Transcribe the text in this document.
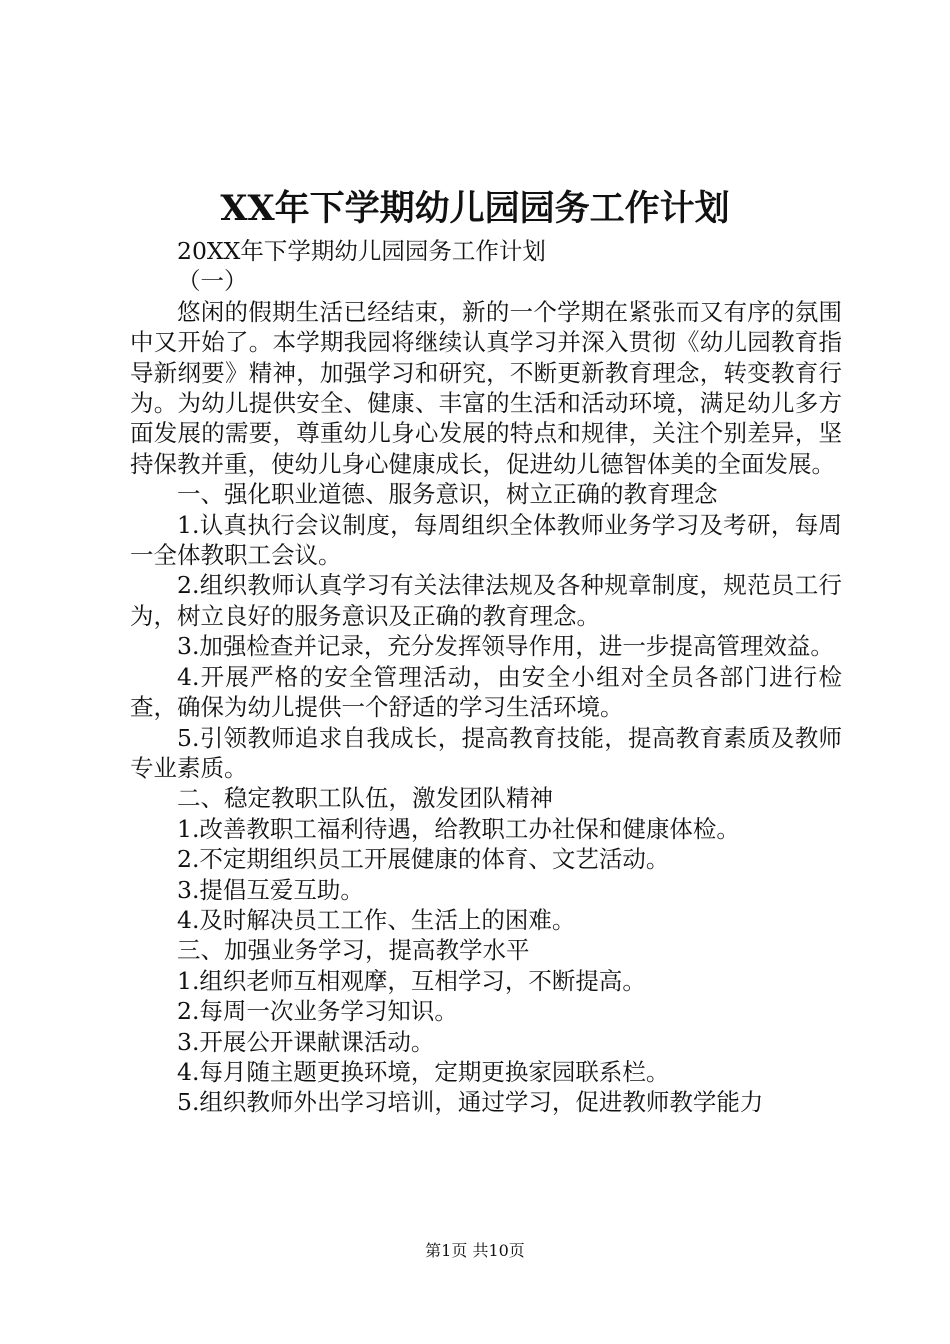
XX年下学期幼儿园园务工作计划

20XX年下学期幼儿园园务工作计划

（一）

悠闲的假期生活已经结束，新的一个学期在紧张而又有序的氛围中又开始了。本学期我园将继续认真学习并深入贯彻《幼儿园教育指导新纲要》精神，加强学习和研究，不断更新教育理念，转变教育行为。为幼儿提供安全、健康、丰富的生活和活动环境，满足幼儿多方面发展的需要，尊重幼儿身心发展的特点和规律，关注个别差异，坚持保教并重，使幼儿身心健康成长，促进幼儿德智体美的全面发展。

一、强化职业道德、服务意识，树立正确的教育理念

1.认真执行会议制度，每周组织全体教师业务学习及考研，每周一全体教职工会议。

2.组织教师认真学习有关法律法规及各种规章制度，规范员工行为，树立良好的服务意识及正确的教育理念。

3.加强检查并记录，充分发挥领导作用，进一步提高管理效益。

4.开展严格的安全管理活动，由安全小组对全员各部门进行检查，确保为幼儿提供一个舒适的学习生活环境。

5.引领教师追求自我成长，提高教育技能，提高教育素质及教师专业素质。

二、稳定教职工队伍，激发团队精神

1.改善教职工福利待遇，给教职工办社保和健康体检。

2.不定期组织员工开展健康的体育、文艺活动。

3.提倡互爱互助。

4.及时解决员工工作、生活上的困难。

三、加强业务学习，提高教学水平

1.组织老师互相观摩，互相学习，不断提高。

2.每周一次业务学习知识。

3.开展公开课献课活动。

4.每月随主题更换环境，定期更换家园联系栏。

5.组织教师外出学习培训，通过学习，促进教师教学能力

第1页 共10页
